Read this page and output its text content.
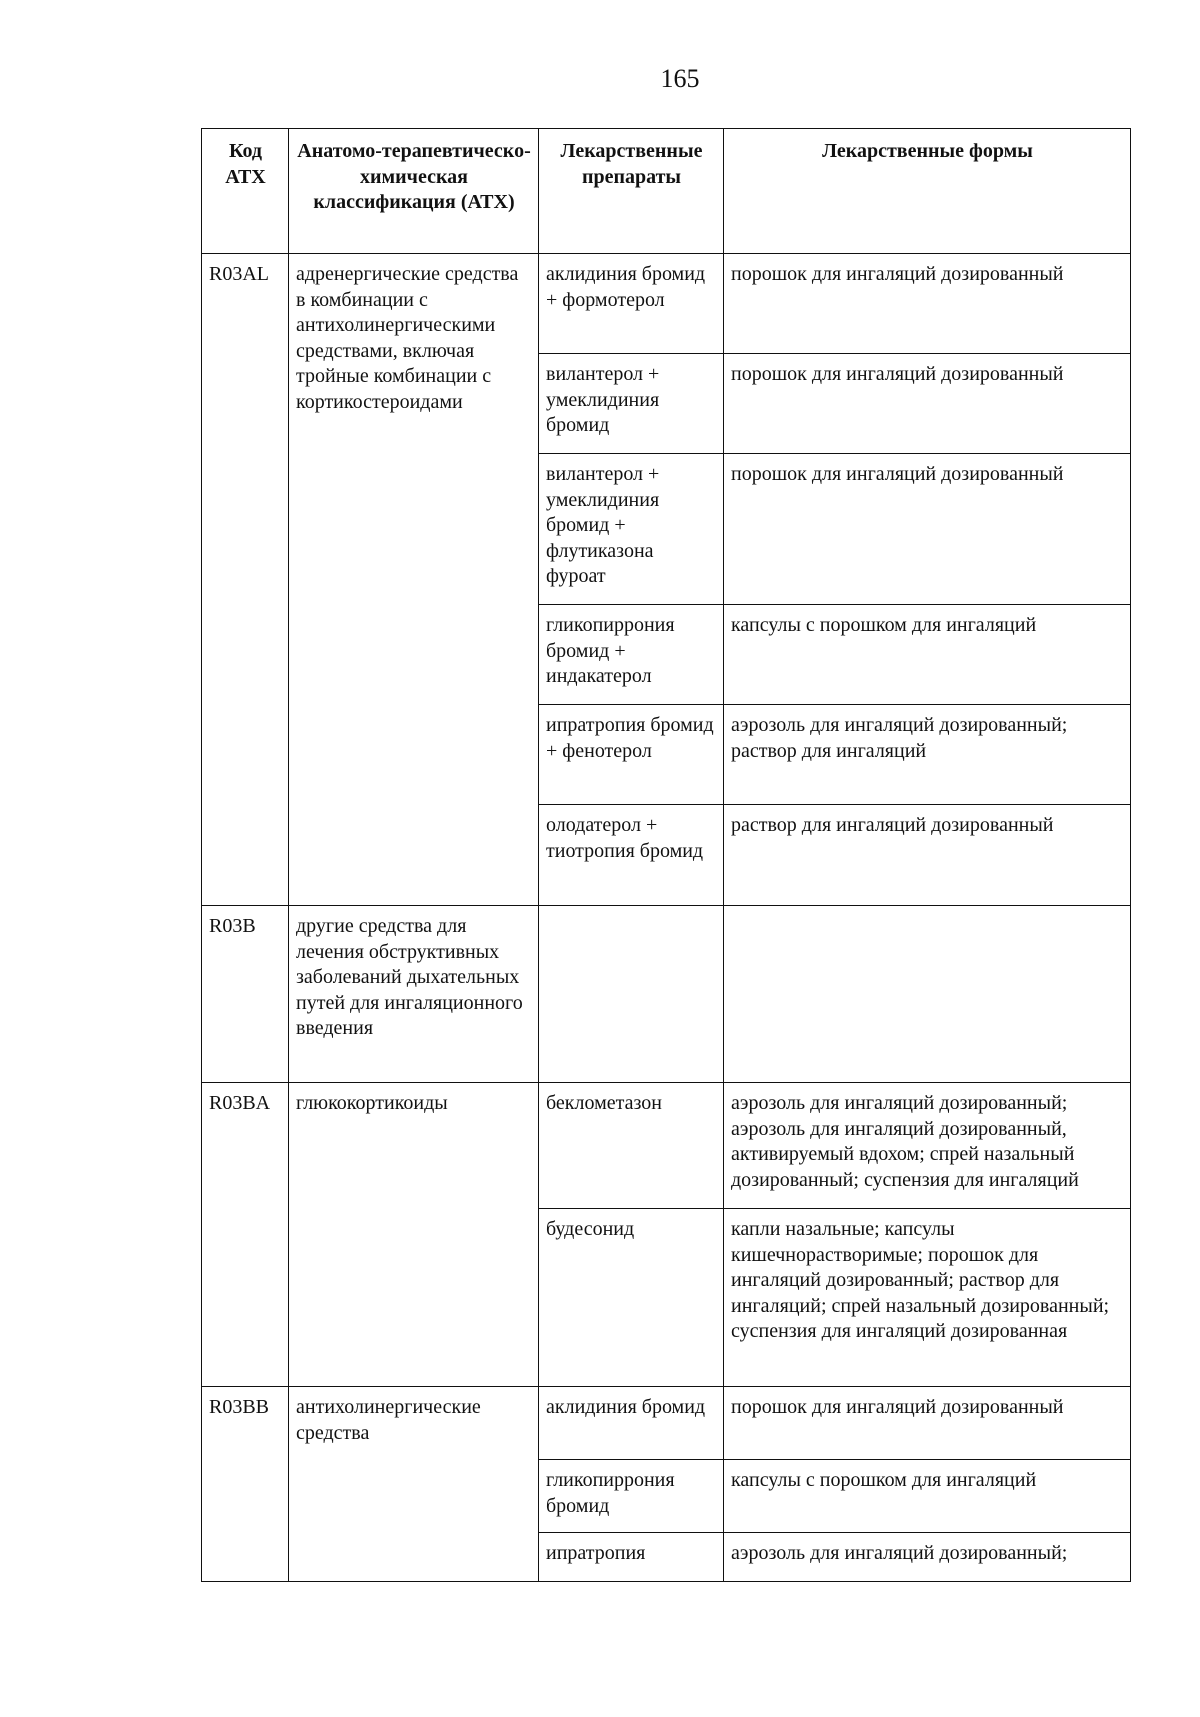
165
Код АТХ	Анатомо-терапевтическо-химическая классификация (АТХ)	Лекарственные препараты	Лекарственные формы
R03AL	адренергические средства в комбинации с антихолинергическими средствами, включая тройные комбинации с кортикостероидами	аклидиния бромид + формотерол	порошок для ингаляций дозированный
		вилантерол + умеклидиния бромид	порошок для ингаляций дозированный
		вилантерол + умеклидиния бромид + флутиказона фуроат	порошок для ингаляций дозированный
		гликопиррония бромид + индакатерол	капсулы с порошком для ингаляций
		ипратропия бромид + фенотерол	аэрозоль для ингаляций дозированный; раствор для ингаляций
		олодатерол + тиотропия бромид	раствор для ингаляций дозированный
R03B	другие средства для лечения обструктивных заболеваний дыхательных путей для ингаляционного введения		
R03BA	глюкокортикоиды	беклометазон	аэрозоль для ингаляций дозированный; аэрозоль для ингаляций дозированный, активируемый вдохом; спрей назальный дозированный; суспензия для ингаляций
		будесонид	капли назальные; капсулы кишечнорастворимые; порошок для ингаляций дозированный; раствор для ингаляций; спрей назальный дозированный; суспензия для ингаляций дозированная
R03BB	антихолинергические средства	аклидиния бромид	порошок для ингаляций дозированный
		гликопиррония бромид	капсулы с порошком для ингаляций
		ипратропия	аэрозоль для ингаляций дозированный;
